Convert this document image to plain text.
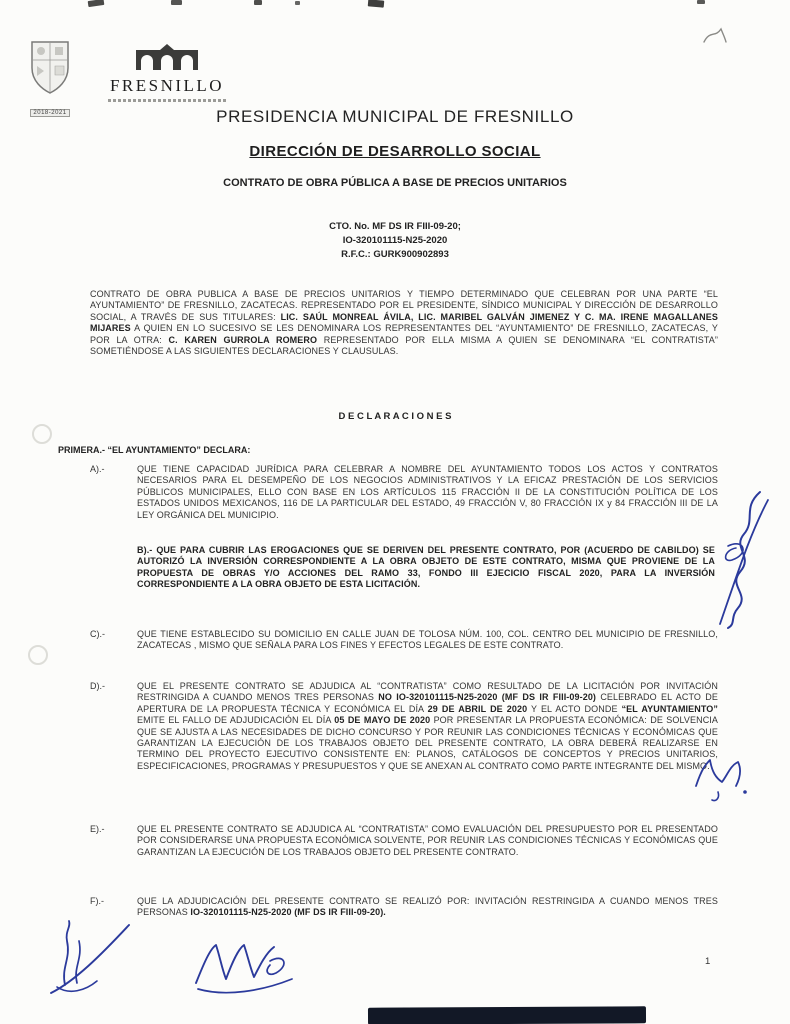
2018-2021
FRESNILLO
PRESIDENCIA MUNICIPAL DE FRESNILLO
DIRECCIÓN DE DESARROLLO SOCIAL
CONTRATO DE OBRA PÚBLICA A BASE DE PRECIOS UNITARIOS
CTO. No. MF DS IR FIII-09-20;
IO-320101115-N25-2020
R.F.C.: GURK900902893
CONTRATO DE OBRA PUBLICA A BASE DE PRECIOS UNITARIOS Y TIEMPO DETERMINADO QUE CELEBRAN POR UNA PARTE “EL AYUNTAMIENTO” DE FRESNILLO, ZACATECAS. REPRESENTADO POR EL PRESIDENTE, SÍNDICO MUNICIPAL Y DIRECCIÓN DE DESARROLLO SOCIAL, A TRAVÉS DE SUS TITULARES: LIC. SAÚL MONREAL ÁVILA, LIC. MARIBEL GALVÁN JIMENEZ Y C. MA. IRENE MAGALLANES MIJARES A QUIEN EN LO SUCESIVO SE LES DENOMINARA LOS REPRESENTANTES DEL “AYUNTAMIENTO” DE FRESNILLO, ZACATECAS, Y POR LA OTRA: C. KAREN GURROLA ROMERO REPRESENTADO POR ELLA MISMA A QUIEN SE DENOMINARA “EL CONTRATISTA” SOMETIÉNDOSE A LAS SIGUIENTES DECLARACIONES Y CLAUSULAS.
D E C L A R A C I O N E S
PRIMERA.- “EL AYUNTAMIENTO” DECLARA:
A).-	QUE TIENE CAPACIDAD JURÍDICA PARA CELEBRAR A NOMBRE DEL AYUNTAMIENTO TODOS LOS ACTOS Y CONTRATOS NECESARIOS PARA EL DESEMPEÑO DE LOS NEGOCIOS ADMINISTRATIVOS Y LA EFICAZ PRESTACIÓN DE LOS SERVICIOS PÚBLICOS MUNICIPALES, ELLO CON BASE EN LOS ARTÍCULOS 115 FRACCIÓN II DE LA CONSTITUCIÓN POLÍTICA DE LOS ESTADOS UNIDOS MEXICANOS, 116 DE LA PARTICULAR DEL ESTADO, 49 FRACCIÓN V, 80 FRACCIÓN IX y 84 FRACCIÓN III DE LA LEY ORGÁNICA DEL MUNICIPIO.
B).- QUE PARA CUBRIR LAS EROGACIONES QUE SE DERIVEN DEL PRESENTE CONTRATO, POR (ACUERDO DE CABILDO) SE AUTORIZÓ LA INVERSIÓN CORRESPONDIENTE A LA OBRA OBJETO DE ESTE CONTRATO, MISMA QUE PROVIENE DE LA PROPUESTA DE OBRAS Y/O ACCIONES DEL RAMO 33, FONDO III EJECICIO FISCAL 2020, PARA LA INVERSIÓN CORRESPONDIENTE A LA OBRA OBJETO DE ESTA LICITACIÓN.
C).-	QUE TIENE ESTABLECIDO SU DOMICILIO EN CALLE JUAN DE TOLOSA NÚM. 100, COL. CENTRO DEL MUNICIPIO DE FRESNILLO, ZACATECAS , MISMO QUE SEÑALA PARA LOS FINES Y EFECTOS LEGALES DE ESTE CONTRATO.
D).-	QUE EL PRESENTE CONTRATO SE ADJUDICA AL “CONTRATISTA” COMO RESULTADO DE LA LICITACIÓN POR INVITACIÓN RESTRINGIDA A CUANDO MENOS TRES PERSONAS NO IO-320101115-N25-2020 (MF DS IR FIII-09-20) CELEBRADO EL ACTO DE APERTURA DE LA PROPUESTA TÉCNICA Y ECONÓMICA EL DÍA 29 DE ABRIL DE 2020 Y EL ACTO DONDE “EL AYUNTAMIENTO” EMITE EL FALLO DE ADJUDICACIÓN EL DÍA 05 DE MAYO DE 2020 POR PRESENTAR LA PROPUESTA ECONÓMICA: DE SOLVENCIA QUE SE AJUSTA A LAS NECESIDADES DE DICHO CONCURSO Y POR REUNIR LAS CONDICIONES TÉCNICAS Y ECONÓMICAS QUE GARANTIZAN LA EJECUCIÓN DE LOS TRABAJOS OBJETO DEL PRESENTE CONTRATO, LA OBRA DEBERÁ REALIZARSE EN TERMINO DEL PROYECTO EJECUTIVO CONSISTENTE EN: PLANOS, CATÁLOGOS DE CONCEPTOS Y PRECIOS UNITARIOS, ESPECIFICACIONES, PROGRAMAS Y PRESUPUESTOS Y QUE SE ANEXAN AL CONTRATO COMO PARTE INTEGRANTE DEL MISMO.
E).-	QUE EL PRESENTE CONTRATO SE ADJUDICA AL “CONTRATISTA” COMO EVALUACIÓN DEL PRESUPUESTO POR EL PRESENTADO POR CONSIDERARSE UNA PROPUESTA ECONÓMICA SOLVENTE, POR REUNIR LAS CONDICIONES TÉCNICAS Y ECONÓMICAS QUE GARANTIZAN LA EJECUCIÓN DE LOS TRABAJOS OBJETO DEL PRESENTE CONTRATO.
F).-	QUE LA ADJUDICACIÓN DEL PRESENTE CONTRATO SE REALIZÓ POR: INVITACIÓN RESTRINGIDA A CUANDO MENOS TRES PERSONAS IO-320101115-N25-2020 (MF DS IR FIII-09-20).
1
